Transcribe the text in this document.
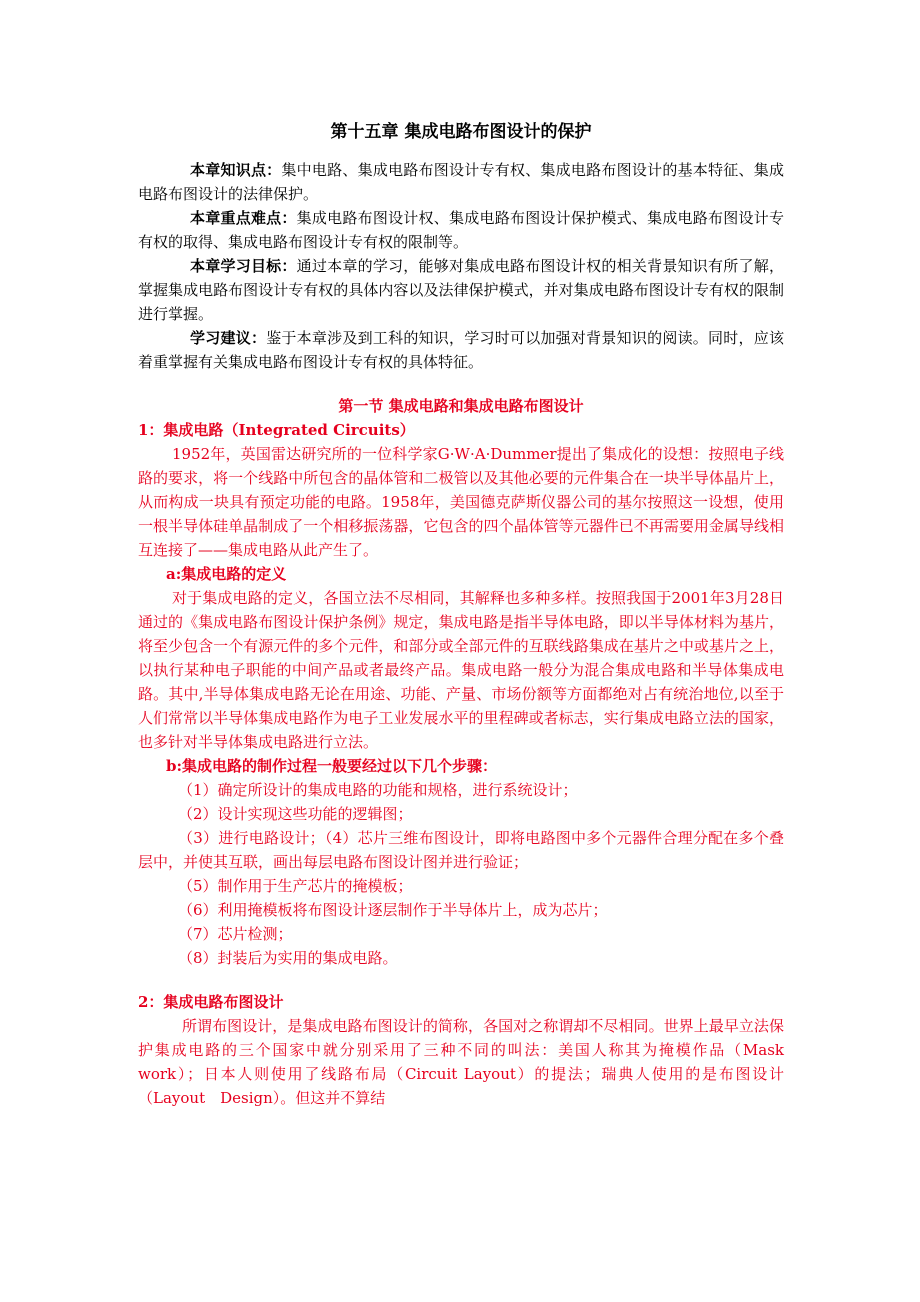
第十五章 集成电路布图设计的保护

本章知识点：集中电路、集成电路布图设计专有权、集成电路布图设计的基本特征、集成电路布图设计的法律保护。

本章重点难点：集成电路布图设计权、集成电路布图设计保护模式、集成电路布图设计专有权的取得、集成电路布图设计专有权的限制等。

本章学习目标：通过本章的学习，能够对集成电路布图设计权的相关背景知识有所了解，掌握集成电路布图设计专有权的具体内容以及法律保护模式，并对集成电路布图设计专有权的限制进行掌握。

学习建议：鉴于本章涉及到工科的知识，学习时可以加强对背景知识的阅读。同时，应该着重掌握有关集成电路布图设计专有权的具体特征。

第一节 集成电路和集成电路布图设计
1：集成电路（Integrated Circuits）

1952年，英国雷达研究所的一位科学家G·W·A·Dummer提出了集成化的设想：按照电子线路的要求，将一个线路中所包含的晶体管和二极管以及其他必要的元件集合在一块半导体晶片上，从而构成一块具有预定功能的电路。1958年，美国德克萨斯仪器公司的基尔按照这一设想，使用一根半导体硅单晶制成了一个相移振荡器，它包含的四个晶体管等元器件已不再需要用金属导线相互连接了——集成电路从此产生了。

a:集成电路的定义

对于集成电路的定义，各国立法不尽相同，其解释也多种多样。按照我国于2001年3月28日通过的《集成电路布图设计保护条例》规定，集成电路是指半导体电路，即以半导体材料为基片，将至少包含一个有源元件的多个元件，和部分或全部元件的互联线路集成在基片之中或基片之上，以执行某种电子职能的中间产品或者最终产品。集成电路一般分为混合集成电路和半导体集成电路。其中,半导体集成电路无论在用途、功能、产量、市场份额等方面都绝对占有统治地位,以至于人们常常以半导体集成电路作为电子工业发展水平的里程碑或者标志，实行集成电路立法的国家，也多针对半导体集成电路进行立法。

b:集成电路的制作过程一般要经过以下几个步骤：
（1）确定所设计的集成电路的功能和规格，进行系统设计；
（2）设计实现这些功能的逻辑图；

（3）进行电路设计；（4）芯片三维布图设计，即将电路图中多个元器件合理分配在多个叠层中，并使其互联，画出每层电路布图设计图并进行验证；

（5）制作用于生产芯片的掩模板；
（6）利用掩模板将布图设计逐层制作于半导体片上，成为芯片；
（7）芯片检测；
（8）封装后为实用的集成电路。
2：集成电路布图设计

所谓布图设计，是集成电路布图设计的简称，各国对之称谓却不尽相同。世界上最早立法保护集成电路的三个国家中就分别采用了三种不同的叫法：美国人称其为掩模作品（Mask　　work）；日本人则使用了线路布局（Circuit Layout）的提法；瑞典人使用的是布图设计（Layout　Design）。但这并不算结
